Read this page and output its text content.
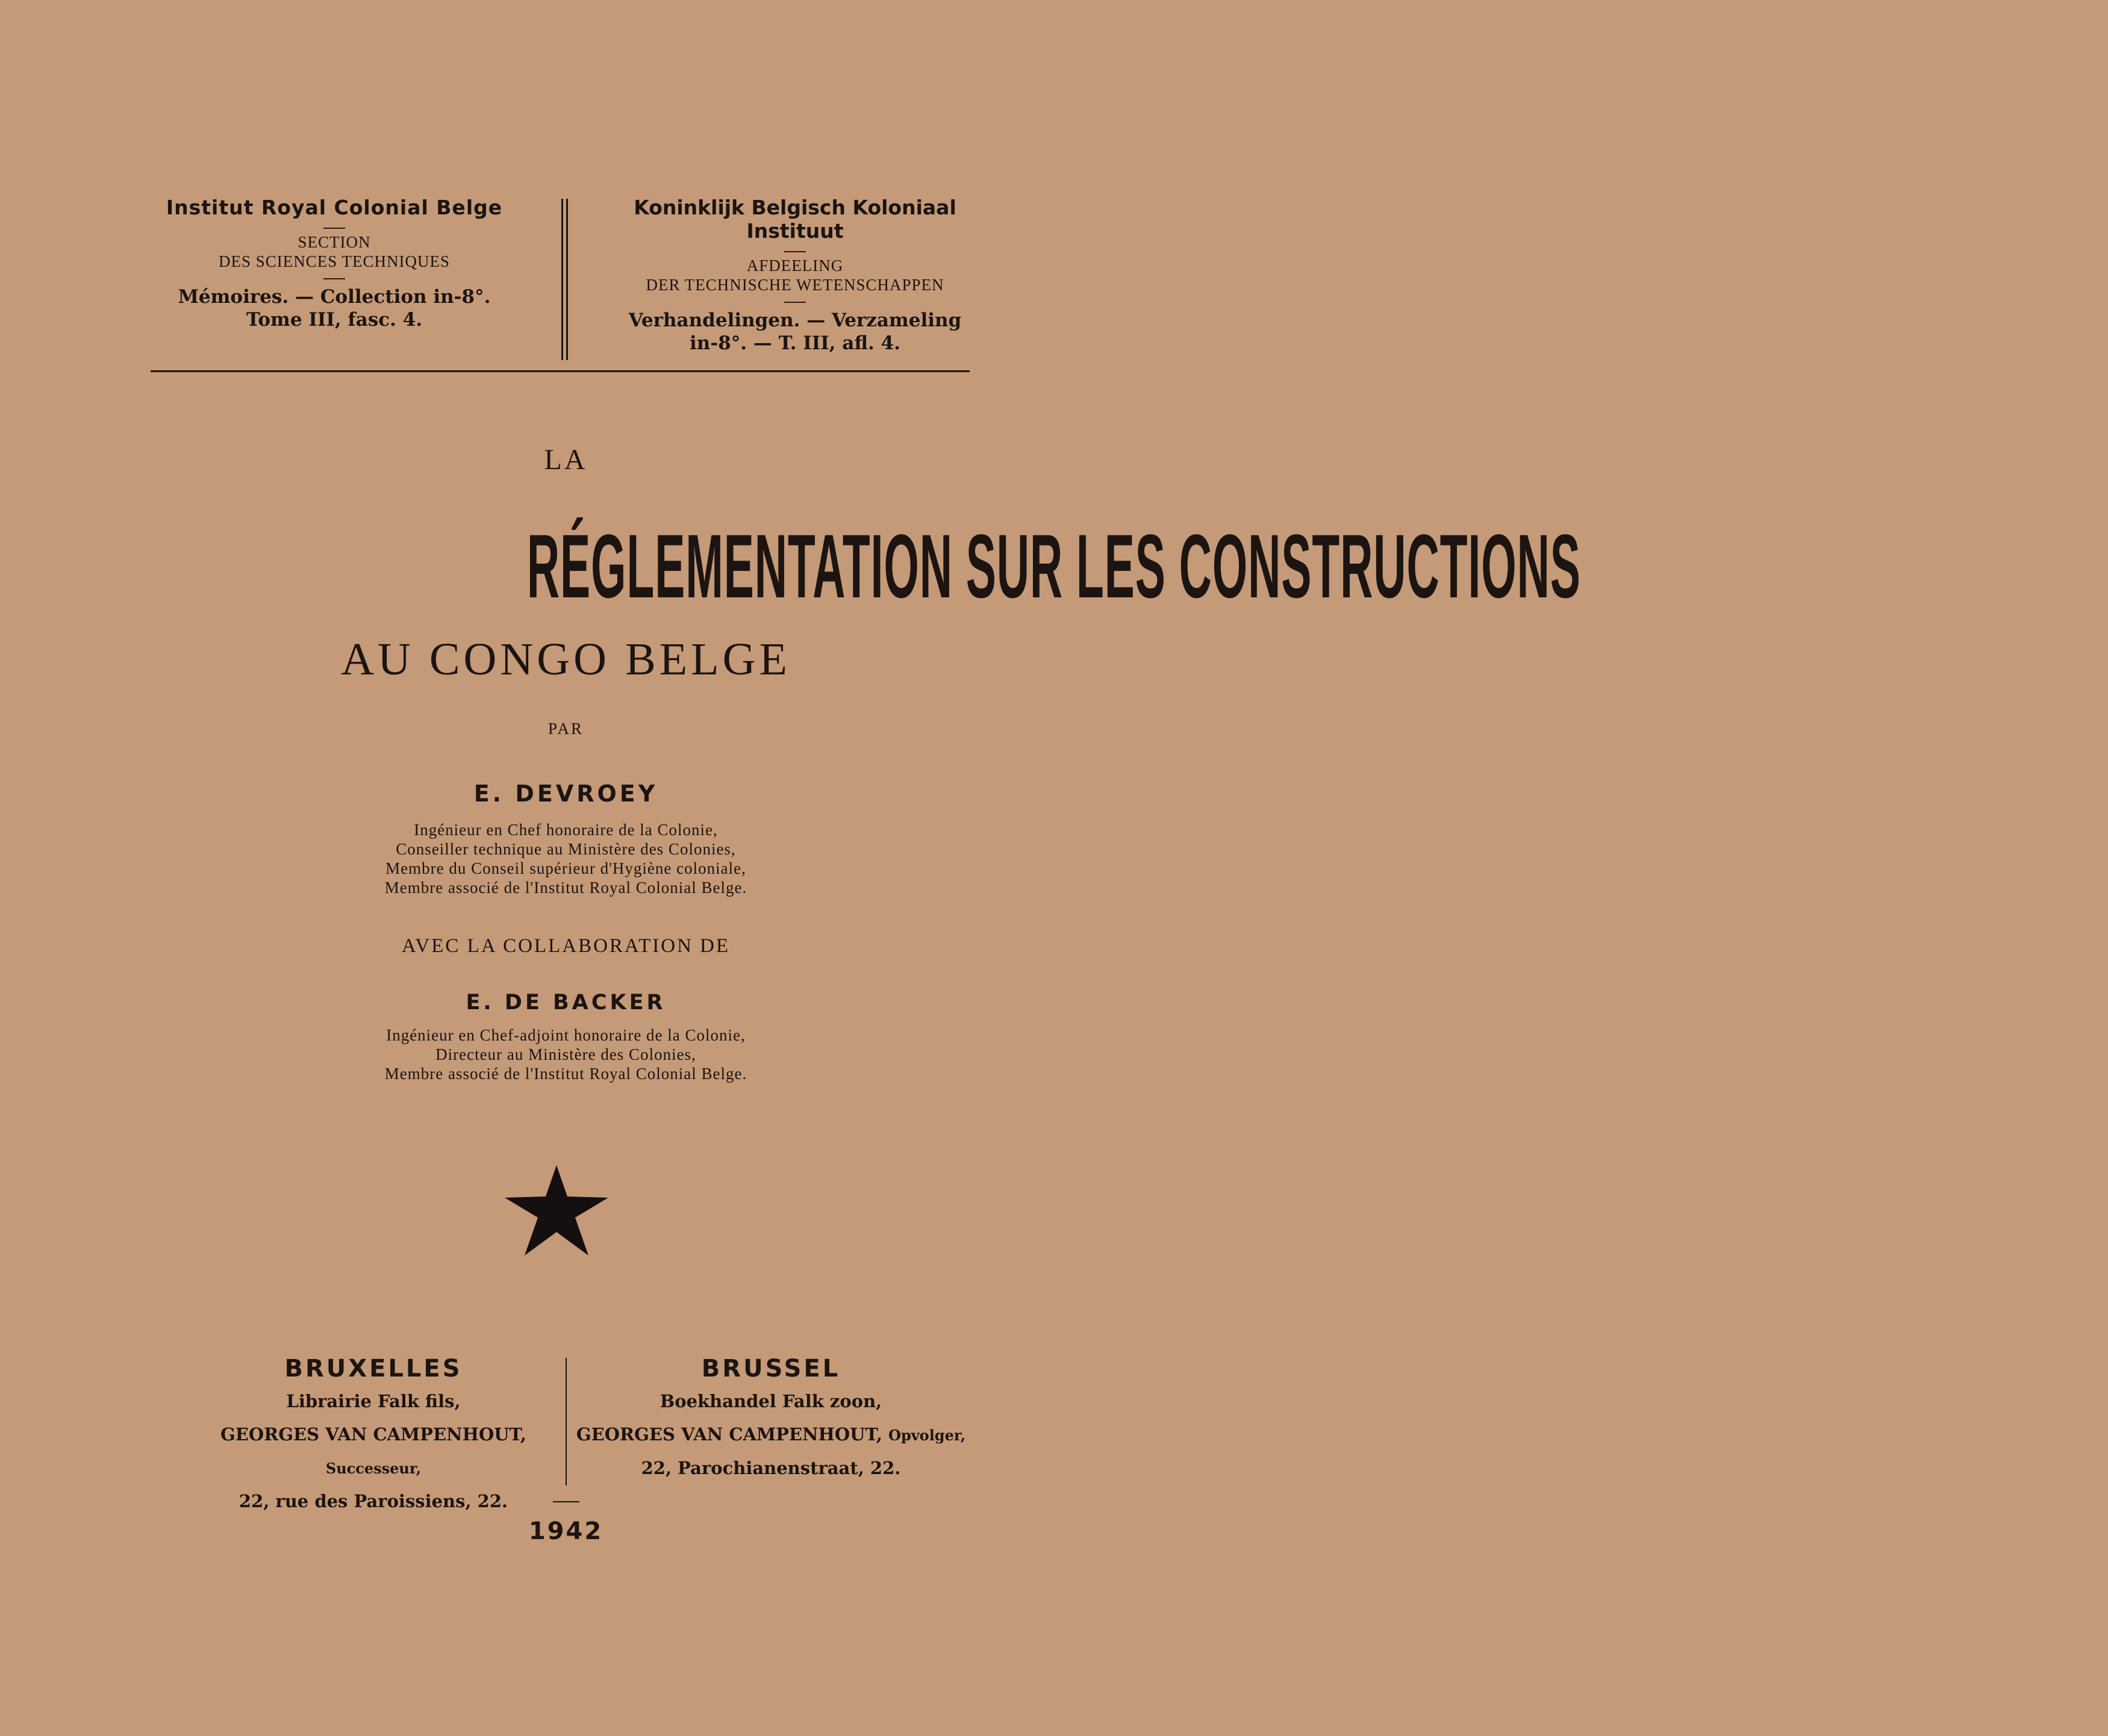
Institut Royal Colonial Belge
SECTION
DES SCIENCES TECHNIQUES
Mémoires. — Collection in-8°.
Tome III, fasc. 4.
Koninklijk Belgisch Koloniaal Instituut
AFDEELING
DER TECHNISCHE WETENSCHAPPEN
Verhandelingen. — Verzameling
in-8°. — T. III, afl. 4.
LA
RÉGLEMENTATION SUR LES CONSTRUCTIONS
AU CONGO BELGE
PAR
E. DEVROEY
Ingénieur en Chef honoraire de la Colonie,
Conseiller technique au Ministère des Colonies,
Membre du Conseil supérieur d'Hygiène coloniale,
Membre associé de l'Institut Royal Colonial Belge.
AVEC LA COLLABORATION DE
E. DE BACKER
Ingénieur en Chef-adjoint honoraire de la Colonie,
Directeur au Ministère des Colonies,
Membre associé de l'Institut Royal Colonial Belge.
BRUXELLES
Librairie Falk fils,
GEORGES VAN CAMPENHOUT, Successeur,
22, rue des Paroissiens, 22.
BRUSSEL
Boekhandel Falk zoon,
GEORGES VAN CAMPENHOUT, Opvolger,
22, Parochianenstraat, 22.
1942
